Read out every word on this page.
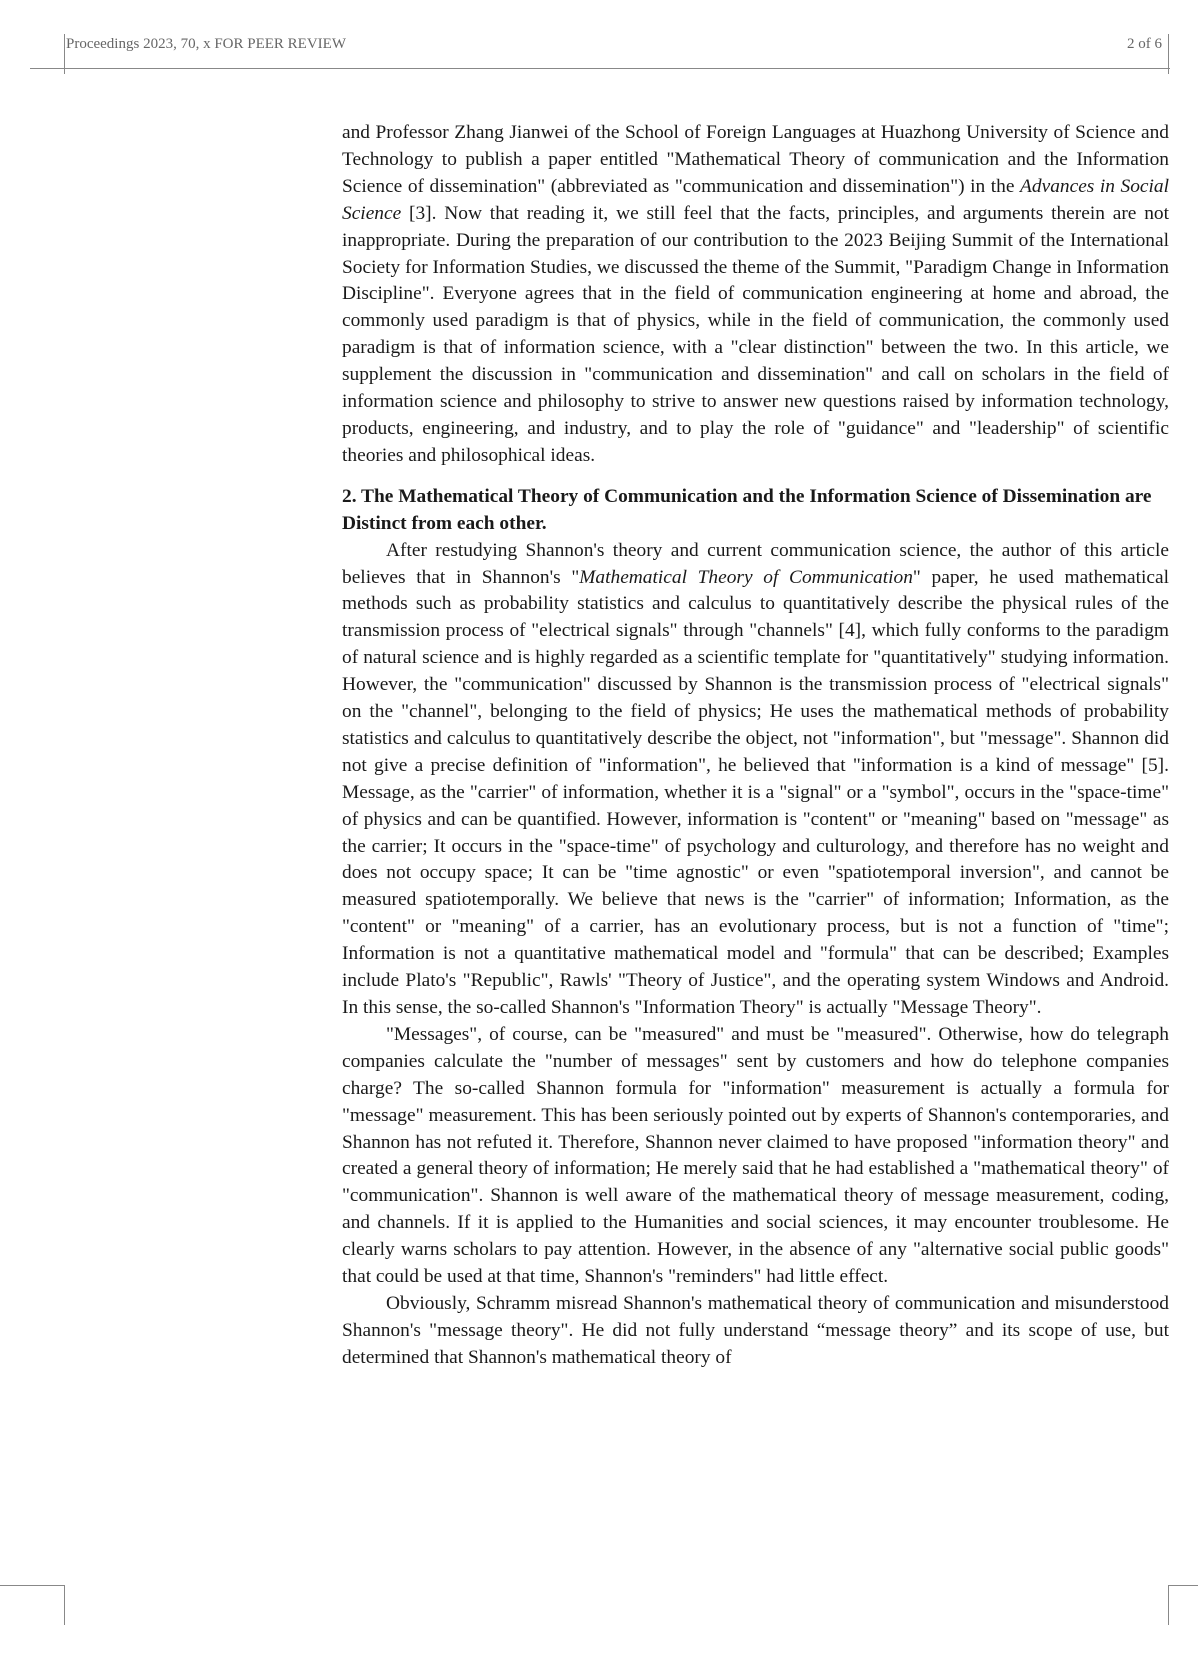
Proceedings 2023, 70, x FOR PEER REVIEW	2 of 6

and Professor Zhang Jianwei of the School of Foreign Languages at Huazhong University of Science and Technology to publish a paper entitled "Mathematical Theory of communication and the Information Science of dissemination" (abbreviated as "communication and dissemination") in the Advances in Social Science [3]. Now that reading it, we still feel that the facts, principles, and arguments therein are not inappropriate. During the preparation of our contribution to the 2023 Beijing Summit of the International Society for Information Studies, we discussed the theme of the Summit, "Paradigm Change in Information Discipline". Everyone agrees that in the field of communication engineering at home and abroad, the commonly used paradigm is that of physics, while in the field of communication, the commonly used paradigm is that of information science, with a "clear distinction" between the two. In this article, we supplement the discussion in "communication and dissemination" and call on scholars in the field of information science and philosophy to strive to answer new questions raised by information technology, products, engineering, and industry, and to play the role of "guidance" and "leadership" of scientific theories and philosophical ideas.

2. The Mathematical Theory of Communication and the Information Science of Dissemination are Distinct from each other.

After restudying Shannon's theory and current communication science, the author of this article believes that in Shannon's "Mathematical Theory of Communication" paper, he used mathematical methods such as probability statistics and calculus to quantitatively describe the physical rules of the transmission process of "electrical signals" through "channels" [4], which fully conforms to the paradigm of natural science and is highly regarded as a scientific template for "quantitatively" studying information. However, the "communication" discussed by Shannon is the transmission process of "electrical signals" on the "channel", belonging to the field of physics; He uses the mathematical methods of probability statistics and calculus to quantitatively describe the object, not "information", but "message". Shannon did not give a precise definition of "information", he believed that "information is a kind of message" [5]. Message, as the "carrier" of information, whether it is a "signal" or a "symbol", occurs in the "space-time" of physics and can be quantified. However, information is "content" or "meaning" based on "message" as the carrier; It occurs in the "space-time" of psychology and culturology, and therefore has no weight and does not occupy space; It can be "time agnostic" or even "spatiotemporal inversion", and cannot be measured spatiotemporally. We believe that news is the "carrier" of information; Information, as the "content" or "meaning" of a carrier, has an evolutionary process, but is not a function of "time"; Information is not a quantitative mathematical model and "formula" that can be described; Examples include Plato's "Republic", Rawls' "Theory of Justice", and the operating system Windows and Android. In this sense, the so-called Shannon's "Information Theory" is actually "Message Theory".

"Messages", of course, can be "measured" and must be "measured". Otherwise, how do telegraph companies calculate the "number of messages" sent by customers and how do telephone companies charge? The so-called Shannon formula for "information" measurement is actually a formula for "message" measurement. This has been seriously pointed out by experts of Shannon's contemporaries, and Shannon has not refuted it. Therefore, Shannon never claimed to have proposed "information theory" and created a general theory of information; He merely said that he had established a "mathematical theory" of "communication". Shannon is well aware of the mathematical theory of message measurement, coding, and channels. If it is applied to the Humanities and social sciences, it may encounter troublesome. He clearly warns scholars to pay attention. However, in the absence of any "alternative social public goods" that could be used at that time, Shannon's "reminders" had little effect.

Obviously, Schramm misread Shannon's mathematical theory of communication and misunderstood Shannon's "message theory". He did not fully understand “message theory” and its scope of use, but determined that Shannon's mathematical theory of
